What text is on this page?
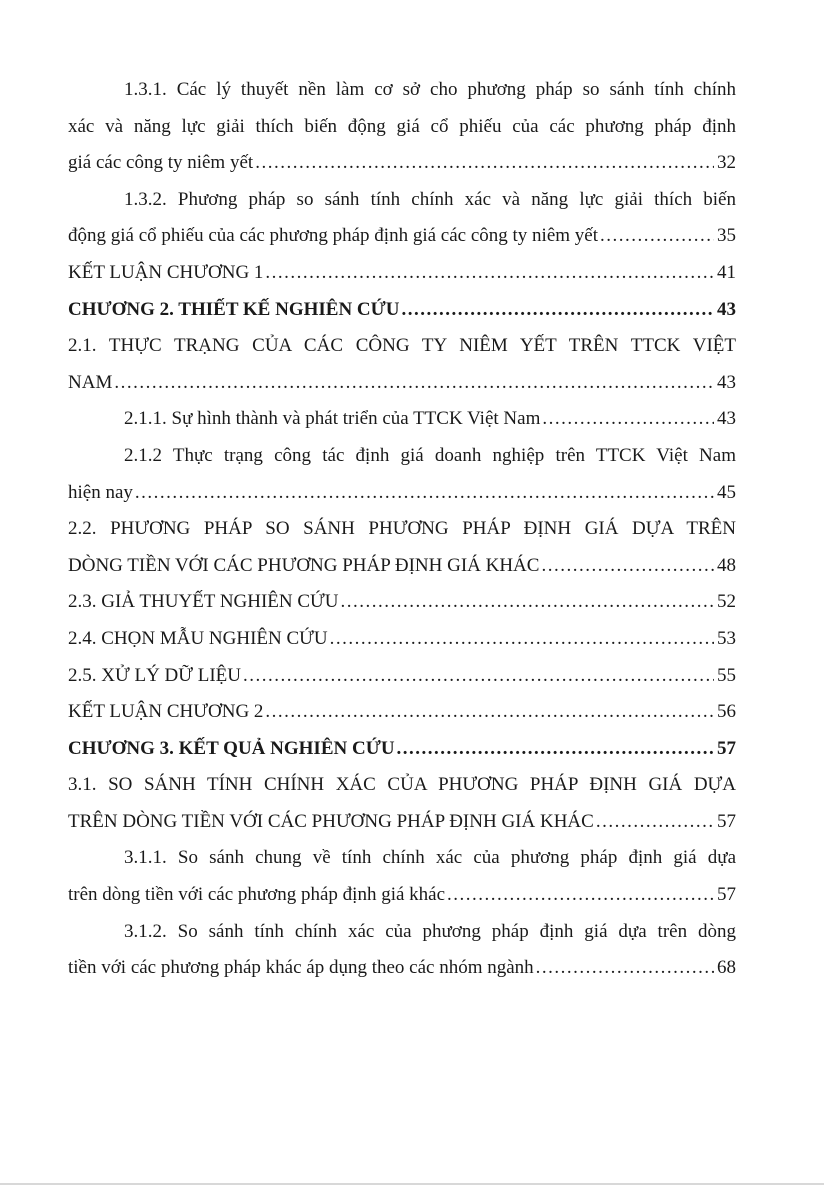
1.3.1. Các lý thuyết nền làm cơ sở cho phương pháp so sánh tính chính
xác và năng lực giải thích biến động giá cổ phiếu của các phương pháp định
giá các công ty niêm yết .....	32
1.3.2. Phương pháp so sánh tính chính xác và năng lực giải thích biến
động giá cổ phiếu của các phương pháp định giá các công ty niêm yết .....	35
KẾT LUẬN CHƯƠNG 1 .....	41
CHƯƠNG 2. THIẾT KẾ NGHIÊN CỨU .....	43
2.1. THỰC TRẠNG CỦA CÁC CÔNG TY NIÊM YẾT TRÊN TTCK VIỆT
NAM .....	43
2.1.1. Sự hình thành và phát triển của TTCK Việt Nam .....	43
2.1.2 Thực trạng công tác định giá doanh nghiệp trên TTCK Việt Nam
hiện nay .....	45
2.2. PHƯƠNG PHÁP SO SÁNH PHƯƠNG PHÁP ĐỊNH GIÁ DỰA TRÊN
DÒNG TIỀN VỚI CÁC PHƯƠNG PHÁP ĐỊNH GIÁ KHÁC .....	48
2.3. GIẢ THUYẾT NGHIÊN CỨU .....	52
2.4. CHỌN MẪU NGHIÊN CỨU .....	53
2.5. XỬ LÝ DỮ LIỆU .....	55
KẾT LUẬN CHƯƠNG 2 .....	56
CHƯƠNG 3. KẾT QUẢ NGHIÊN CỨU .....	57
3.1. SO SÁNH TÍNH CHÍNH XÁC CỦA PHƯƠNG PHÁP ĐỊNH GIÁ DỰA
TRÊN DÒNG TIỀN VỚI CÁC PHƯƠNG PHÁP ĐỊNH GIÁ KHÁC .....	57
3.1.1. So sánh chung về tính chính xác của phương pháp định giá dựa
trên dòng tiền với các phương pháp định giá khác .....	57
3.1.2. So sánh tính chính xác của phương pháp định giá dựa trên dòng
tiền với các phương pháp khác áp dụng theo các nhóm ngành .....	68
